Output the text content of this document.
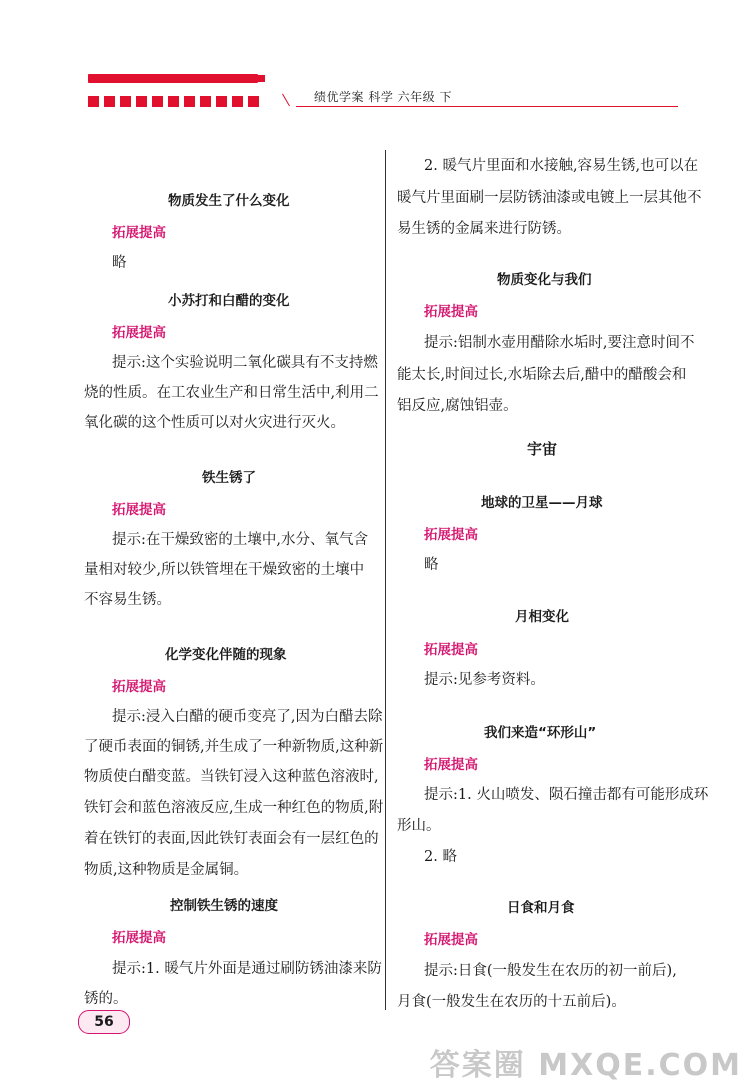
绩优学案 科学 六年级 下
物质发生了什么变化
拓展提高
略
小苏打和白醋的变化
拓展提高
提示:这个实验说明二氧化碳具有不支持燃
烧的性质。在工农业生产和日常生活中,利用二
氧化碳的这个性质可以对火灾进行灭火。
铁生锈了
拓展提高
提示:在干燥致密的土壤中,水分、氧气含
量相对较少,所以铁管埋在干燥致密的土壤中
不容易生锈。
化学变化伴随的现象
拓展提高
提示:浸入白醋的硬币变亮了,因为白醋去除
了硬币表面的铜锈,并生成了一种新物质,这种新
物质使白醋变蓝。当铁钉浸入这种蓝色溶液时,
铁钉会和蓝色溶液反应,生成一种红色的物质,附
着在铁钉的表面,因此铁钉表面会有一层红色的
物质,这种物质是金属铜。
控制铁生锈的速度
拓展提高
提示:1. 暖气片外面是通过刷防锈油漆来防
锈的。
56
2. 暖气片里面和水接触,容易生锈,也可以在
暖气片里面刷一层防锈油漆或电镀上一层其他不
易生锈的金属来进行防锈。
物质变化与我们
拓展提高
提示:铝制水壶用醋除水垢时,要注意时间不
能太长,时间过长,水垢除去后,醋中的醋酸会和
铝反应,腐蚀铝壶。
宇宙
地球的卫星——月球
拓展提高
略
月相变化
拓展提高
提示:见参考资料。
我们来造“环形山”
拓展提高
提示:1. 火山喷发、陨石撞击都有可能形成环
形山。
2. 略
日食和月食
拓展提高
提示:日食(一般发生在农历的初一前后),
月食(一般发生在农历的十五前后)。
答案圈 MXQE.COM
